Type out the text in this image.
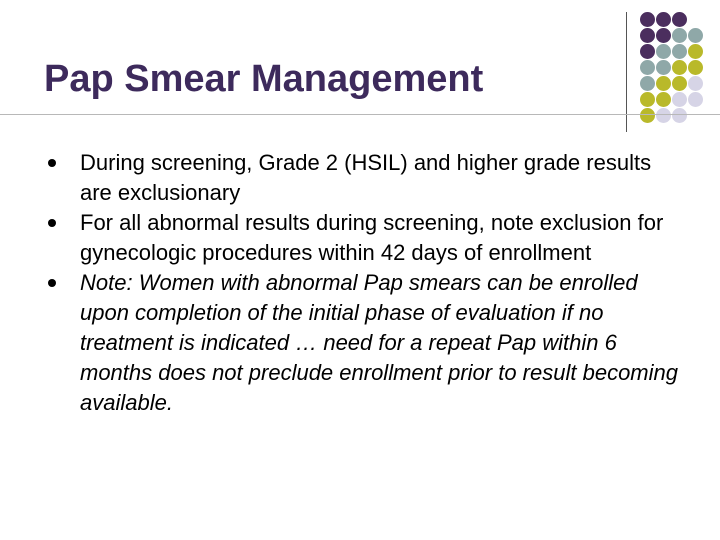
Pap Smear Management
During screening, Grade 2 (HSIL) and higher grade results are exclusionary
For all abnormal results during screening, note exclusion for gynecologic procedures within 42 days of enrollment
Note: Women with abnormal Pap smears can be enrolled upon completion of the initial phase of evaluation if no treatment is indicated … need for a repeat Pap within 6 months does not preclude enrollment prior to result becoming available.
